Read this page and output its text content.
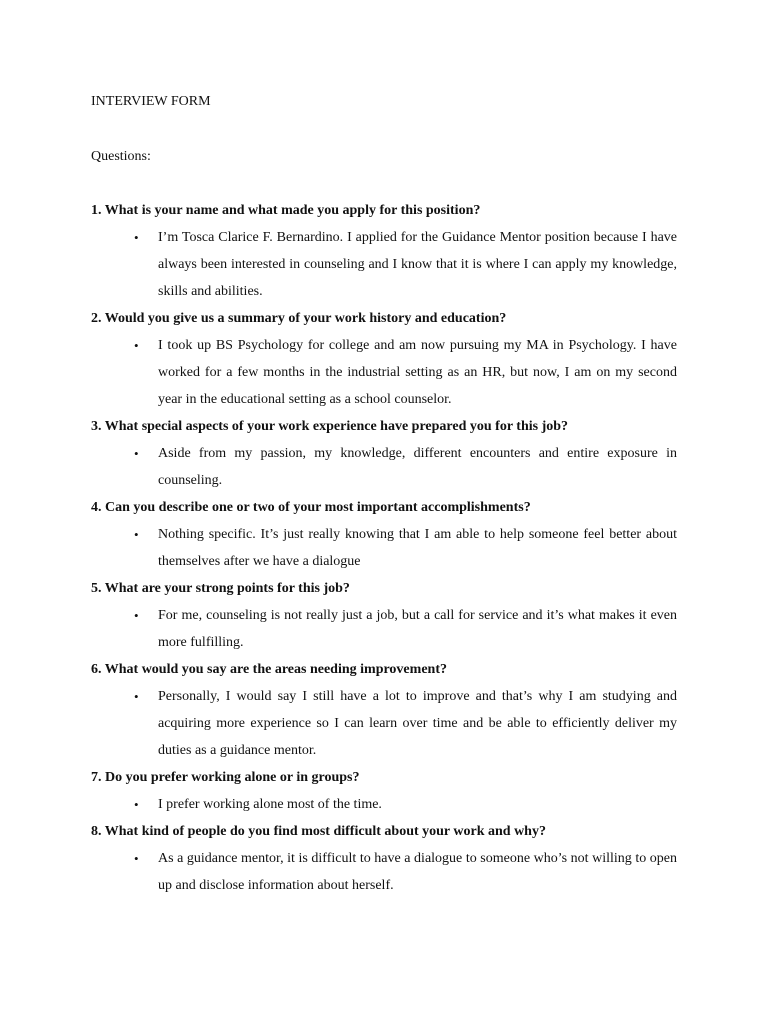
INTERVIEW FORM
Questions:
1. What is your name and what made you apply for this position?
• I’m Tosca Clarice F. Bernardino. I applied for the Guidance Mentor position because I have always been interested in counseling and I know that it is where I can apply my knowledge, skills and abilities.
2. Would you give us a summary of your work history and education?
• I took up BS Psychology for college and am now pursuing my MA in Psychology. I have worked for a few months in the industrial setting as an HR, but now, I am on my second year in the educational setting as a school counselor.
3. What special aspects of your work experience have prepared you for this job?
• Aside from my passion, my knowledge, different encounters and entire exposure in counseling.
4. Can you describe one or two of your most important accomplishments?
• Nothing specific. It’s just really knowing that I am able to help someone feel better about themselves after we have a dialogue
5. What are your strong points for this job?
• For me, counseling is not really just a job, but a call for service and it’s what makes it even more fulfilling.
6. What would you say are the areas needing improvement?
• Personally, I would say I still have a lot to improve and that’s why I am studying and acquiring more experience so I can learn over time and be able to efficiently deliver my duties as a guidance mentor.
7. Do you prefer working alone or in groups?
• I prefer working alone most of the time.
8. What kind of people do you find most difficult about your work and why?
• As a guidance mentor, it is difficult to have a dialogue to someone who’s not willing to open up and disclose information about herself.
